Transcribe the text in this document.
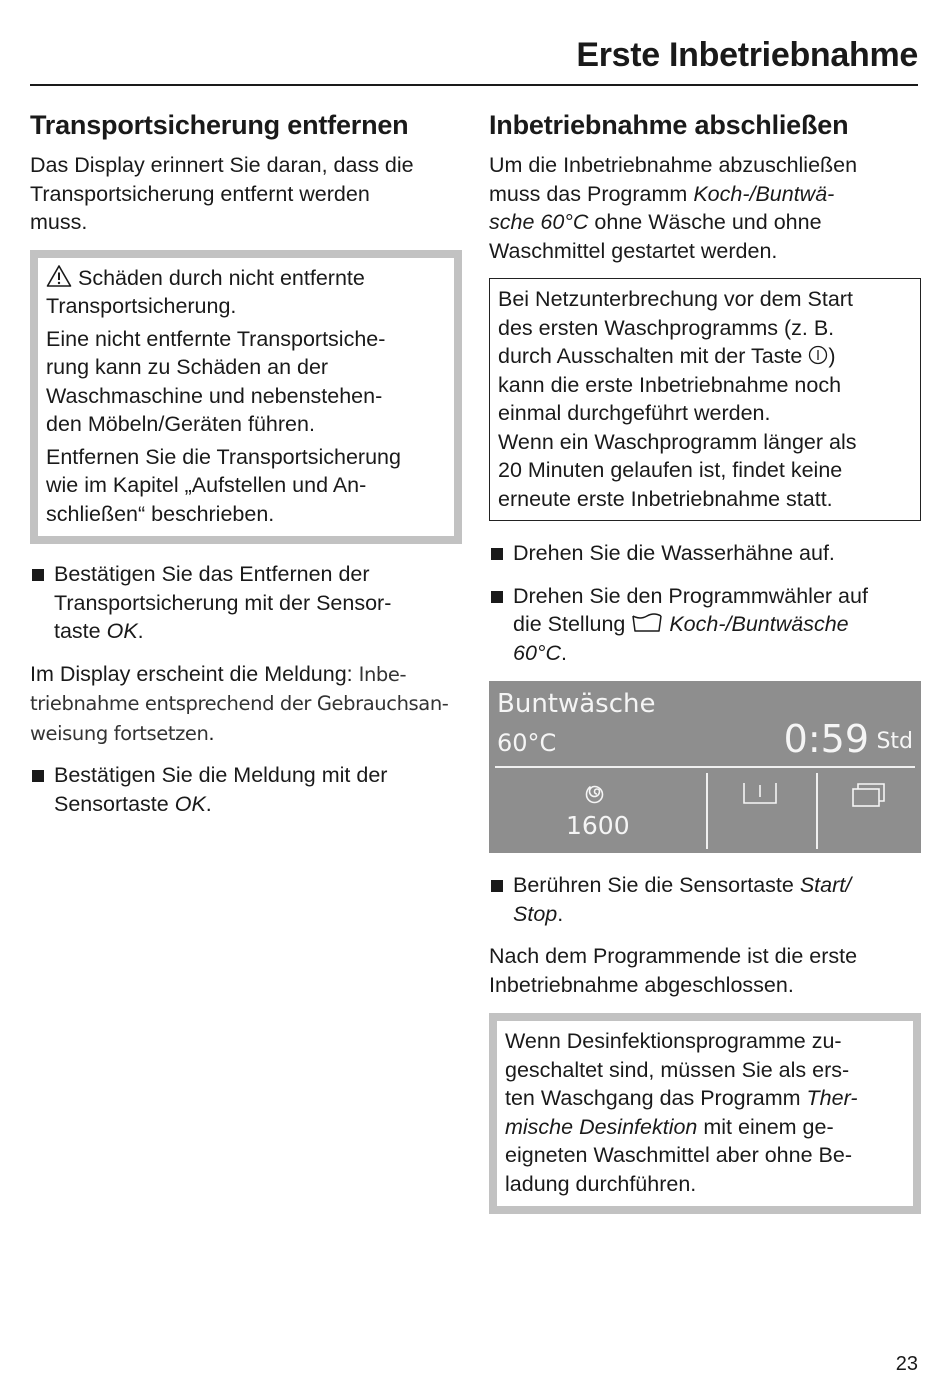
Erste Inbetriebnahme
Transportsicherung entfernen

Das Display erinnert Sie daran, dass die
Transportsicherung entfernt werden
muss.

Schäden durch nicht entfernte
Transportsicherung.

Eine nicht entfernte Transportsiche-
rung kann zu Schäden an der
Waschmaschine und nebenstehen-
den Möbeln/Geräten führen.

Entfernen Sie die Transportsicherung
wie im Kapitel „Aufstellen und An-
schließen“ beschrieben.

Bestätigen Sie das Entfernen der
Transportsicherung mit der Sensor-
taste OK.

Im Display erscheint die Meldung: Inbe-
triebnahme entsprechend der Gebrauchsan-
weisung fortsetzen.

Bestätigen Sie die Meldung mit der
Sensortaste OK.

Inbetriebnahme abschließen

Um die Inbetriebnahme abzuschließen
muss das Programm Koch-/Buntwä-
sche 60°C ohne Wäsche und ohne
Waschmittel gestartet werden.

Bei Netzunterbrechung vor dem Start
des ersten Waschprogramms (z. B.
durch Ausschalten mit der Taste )
kann die erste Inbetriebnahme noch
einmal durchgeführt werden.

Wenn ein Waschprogramm länger als
20 Minuten gelaufen ist, findet keine
erneute erste Inbetriebnahme statt.

Drehen Sie die Wasserhähne auf.

Drehen Sie den Programmwähler auf
die Stellung Koch-/Buntwäsche
60°C.

Buntwäsche
60°C	0:59 Std
1600

Berühren Sie die Sensortaste Start/
Stop.

Nach dem Programmende ist die erste
Inbetriebnahme abgeschlossen.

Wenn Desinfektionsprogramme zu-
geschaltet sind, müssen Sie als ers-
ten Waschgang das Programm Ther-
mische Desinfektion mit einem ge-
eigneten Waschmittel aber ohne Be-
ladung durchführen.

23
